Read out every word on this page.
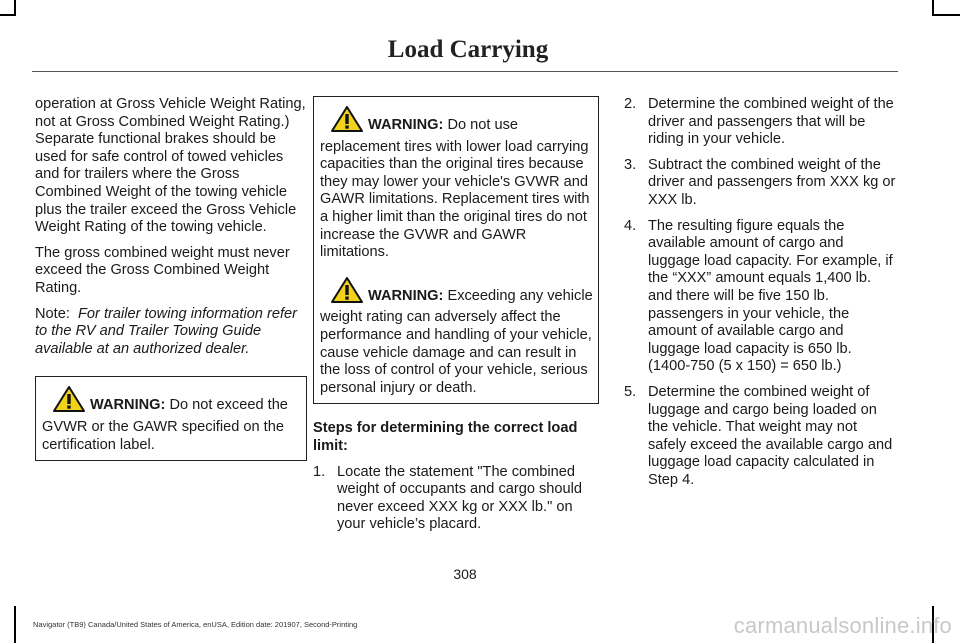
Load Carrying

operation at Gross Vehicle Weight Rating, not at Gross Combined Weight Rating.) Separate functional brakes should be used for safe control of towed vehicles and for trailers where the Gross Combined Weight of the towing vehicle plus the trailer exceed the Gross Vehicle Weight Rating of the towing vehicle.

The gross combined weight must never exceed the Gross Combined Weight Rating.

Note: For trailer towing information refer to the RV and Trailer Towing Guide available at an authorized dealer.

WARNING: Do not exceed the GVWR or the GAWR specified on the certification label.
WARNING: Do not use replacement tires with lower load carrying capacities than the original tires because they may lower your vehicle's GVWR and GAWR limitations. Replacement tires with a higher limit than the original tires do not increase the GVWR and GAWR limitations.
WARNING: Exceeding any vehicle weight rating can adversely affect the performance and handling of your vehicle, cause vehicle damage and can result in the loss of control of your vehicle, serious personal injury or death.
Steps for determining the correct load limit:
1. Locate the statement "The combined weight of occupants and cargo should never exceed XXX kg or XXX lb." on your vehicle’s placard.
2. Determine the combined weight of the driver and passengers that will be riding in your vehicle.
3. Subtract the combined weight of the driver and passengers from XXX kg or XXX lb.
4. The resulting figure equals the available amount of cargo and luggage load capacity. For example, if the “XXX” amount equals 1,400 lb. and there will be five 150 lb. passengers in your vehicle, the amount of available cargo and luggage load capacity is 650 lb. (1400-750 (5 x 150) = 650 lb.)
5. Determine the combined weight of luggage and cargo being loaded on the vehicle. That weight may not safely exceed the available cargo and luggage load capacity calculated in Step 4.
308
Navigator (TB9) Canada/United States of America, enUSA, Edition date: 201907, Second-Printing	carmanualsonline.info
